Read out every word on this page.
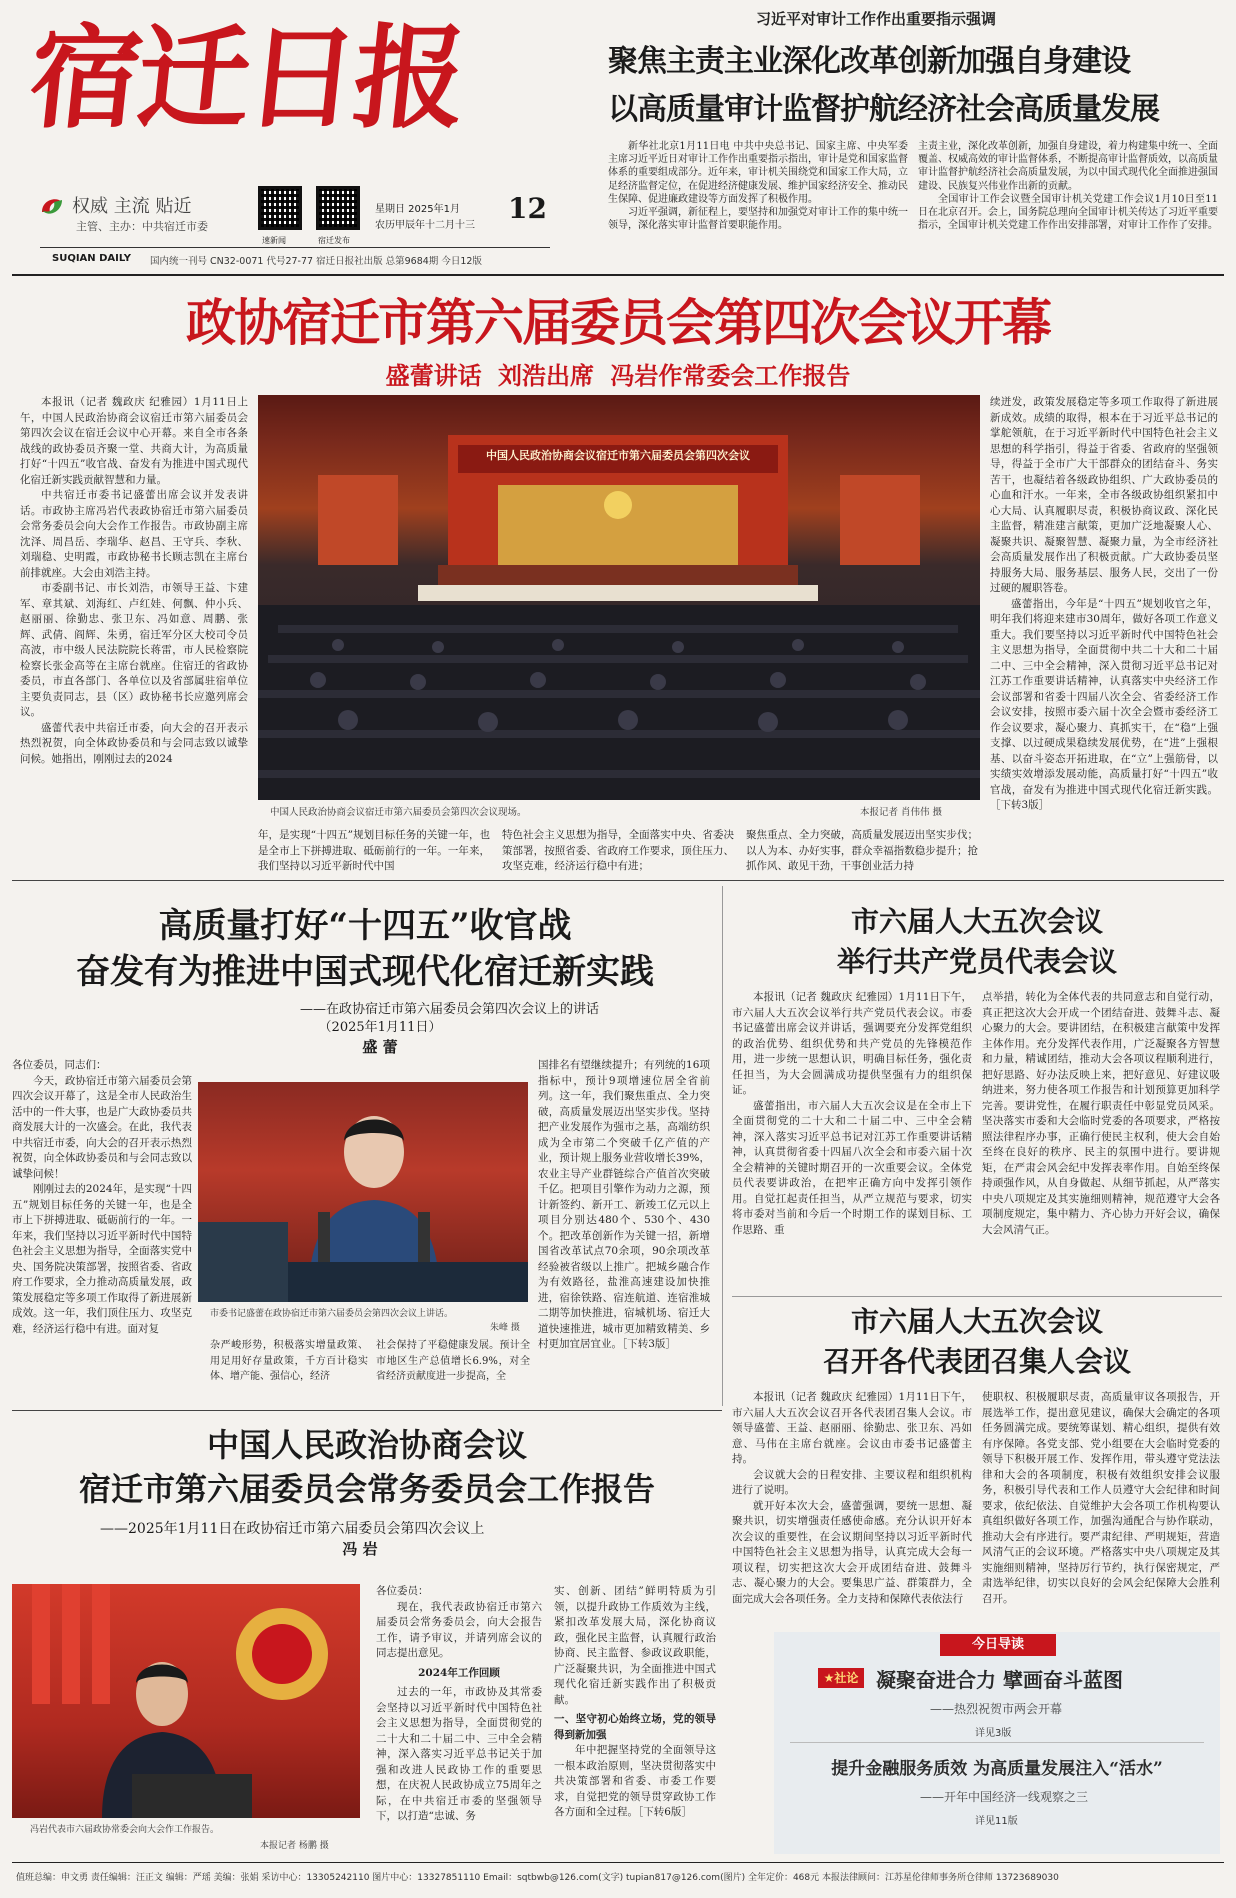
宿迁日报
权威 主流 贴近
主管、主办：中共宿迁市委
速新闻	宿迁发布
星期日 2025年1月
农历甲辰年十二月十三
12
SUQIAN DAILY 国内统一刊号 CN32-0071 代号27-77 宿迁日报社出版 总第9684期 今日12版
习近平对审计工作作出重要指示强调
聚焦主责主业深化改革创新加强自身建设
以高质量审计监督护航经济社会高质量发展

新华社北京1月11日电 中共中央总书记、国家主席、中央军委主席习近平近日对审计工作作出重要指示指出，审计是党和国家监督体系的重要组成部分。近年来，审计机关围绕党和国家工作大局，立足经济监督定位，在促进经济健康发展、维护国家经济安全、推动民生保障、促进廉政建设等方面发挥了积极作用。

习近平强调，新征程上，要坚持和加强党对审计工作的集中统一领导，深化落实审计监督首要职能作用。

主责主业，深化改革创新，加强自身建设，着力构建集中统一、全面覆盖、权威高效的审计监督体系，不断提高审计监督质效，以高质量审计监督护航经济社会高质量发展，为以中国式现代化全面推进强国建设、民族复兴伟业作出新的贡献。

全国审计工作会议暨全国审计机关党建工作会议1月10日至11日在北京召开。会上，国务院总理向全国审计机关传达了习近平重要指示，全国审计机关党建工作作出安排部署，对审计工作作了安排。

政协宿迁市第六届委员会第四次会议开幕
盛蕾讲话 刘浩出席 冯岩作常委会工作报告

本报讯（记者 魏政庆 纪雅园）1月11日上午，中国人民政治协商会议宿迁市第六届委员会第四次会议在宿迁会议中心开幕。来自全市各条战线的政协委员齐聚一堂、共商大计，为高质量打好“十四五”收官战、奋发有为推进中国式现代化宿迁新实践贡献智慧和力量。

中共宿迁市委书记盛蕾出席会议并发表讲话。市政协主席冯岩代表政协宿迁市第六届委员会常务委员会向大会作工作报告。市政协副主席沈泽、周昌岳、李瑞华、赵昌、王守兵、李秋、刘瑞稳、史明霞，市政协秘书长顾志凯在主席台前排就座。大会由刘浩主持。

市委副书记、市长刘浩，市领导王益、卞建军、章其斌、刘海红、卢红娃、何飘、仲小兵、赵丽丽、徐勤忠、张卫东、冯如意、周鹏、张辉、武倩、阎辉、朱勇，宿迁军分区大校司令员高波，市中级人民法院院长蒋雷，市人民检察院检察长张金高等在主席台就座。住宿迁的省政协委员，市直各部门、各单位以及省部属驻宿单位主要负责同志，县（区）政协秘书长应邀列席会议。

盛蕾代表中共宿迁市委，向大会的召开表示热烈祝贺，向全体政协委员和与会同志致以诚挚问候。她指出，刚刚过去的2024

中国人民政治协商会议宿迁市第六届委员会第四次会议
中国人民政治协商会议宿迁市第六届委员会第四次会议现场。	本报记者 肖伟伟 摄
年，是实现“十四五”规划目标任务的关键一年，也是全市上下拼搏进取、砥砺前行的一年。一年来，我们坚持以习近平新时代中国
特色社会主义思想为指导，全面落实中央、省委决策部署，按照省委、省政府工作要求，顶住压力、攻坚克难，经济运行稳中有进；
聚焦重点、全力突破，高质量发展迈出坚实步伐；以人为本、办好实事，群众幸福指数稳步提升；抢抓作风、敢见干劲，干事创业活力持

续迸发，政策发展稳定等多项工作取得了新进展新成效。成绩的取得，根本在于习近平总书记的掌舵领航，在于习近平新时代中国特色社会主义思想的科学指引，得益于省委、省政府的坚强领导，得益于全市广大干部群众的团结奋斗、务实苦干，也凝结着各级政协组织、广大政协委员的心血和汗水。一年来，全市各级政协组织紧扣中心大局、认真履职尽责，积极协商议政、深化民主监督，精准建言献策，更加广泛地凝聚人心、凝聚共识、凝聚智慧、凝聚力量，为全市经济社会高质量发展作出了积极贡献。广大政协委员坚持服务大局、服务基层、服务人民，交出了一份过硬的履职答卷。

盛蕾指出，今年是“十四五”规划收官之年，明年我们将迎来建市30周年，做好各项工作意义重大。我们要坚持以习近平新时代中国特色社会主义思想为指导，全面贯彻中共二十大和二十届二中、三中全会精神，深入贯彻习近平总书记对江苏工作重要讲话精神，认真落实中央经济工作会议部署和省委十四届八次全会、省委经济工作会议安排，按照市委六届十次全会暨市委经济工作会议要求，凝心聚力、真抓实干，在“稳”上强支撑、以过硬成果稳续发展优势，在“进”上强根基、以奋斗姿态开拓进取，在“立”上强筋骨，以实绩实效增添发展动能，高质量打好“十四五”收官战，奋发有为推进中国式现代化宿迁新实践。［下转3版］

高质量打好“十四五”收官战
奋发有为推进中国式现代化宿迁新实践
——在政协宿迁市第六届委员会第四次会议上的讲话
（2025年1月11日）
盛 蕾

各位委员，同志们：

今天，政协宿迁市第六届委员会第四次会议开幕了，这是全市人民政治生活中的一件大事，也是广大政协委员共商发展大计的一次盛会。在此，我代表中共宿迁市委，向大会的召开表示热烈祝贺，向全体政协委员和与会同志致以诚挚问候！

刚刚过去的2024年，是实现“十四五”规划目标任务的关键一年，也是全市上下拼搏进取、砥砺前行的一年。一年来，我们坚持以习近平新时代中国特色社会主义思想为指导，全面落实党中央、国务院决策部署，按照省委、省政府工作要求，全力推动高质量发展，政策发展稳定等多项工作取得了新进展新成效。这一年，我们顶住压力、攻坚克难，经济运行稳中有进。面对复

市委书记盛蕾在政协宿迁市第六届委员会第四次会议上讲话。
朱峰 摄
杂严峻形势，积极落实增量政策、用足用好存量政策，千方百计稳实体、增产能、强信心，经济
社会保持了平稳健康发展。预计全市地区生产总值增长6.9%，对全省经济贡献度进一步提高，全
国排名有望继续提升；有列统的16项指标中，预计9项增速位居全省前列。这一年，我们聚焦重点、全力突破，高质量发展迈出坚实步伐。坚持把产业发展作为强市之基，高端纺织成为全市第二个突破千亿产值的产业，预计规上服务业营收增长39%，农业主导产业群链综合产值首次突破千亿。把项目引擎作为动力之源，预计新签约、新开工、新竣工亿元以上项目分别达480个、530个、430个。把改革创新作为关键一招，新增国省改革试点70余项，90余项改革经验被省级以上推广。把城乡融合作为有效路径，盐淮高速建设加快推进，宿徐铁路、宿连航道、连宿淮城二期等加快推进，宿城机场、宿迁大道快速推进，城市更加精致精美、乡村更加宜居宜业。［下转3版］
市六届人大五次会议
举行共产党员代表会议

本报讯（记者 魏政庆 纪雅园）1月11日下午，市六届人大五次会议举行共产党员代表会议。市委书记盛蕾出席会议并讲话，强调要充分发挥党组织的政治优势、组织优势和共产党员的先锋模范作用，进一步统一思想认识，明确目标任务，强化责任担当，为大会圆满成功提供坚强有力的组织保证。

盛蕾指出，市六届人大五次会议是在全市上下全面贯彻党的二十大和二十届二中、三中全会精神，深入落实习近平总书记对江苏工作重要讲话精神，认真贯彻省委十四届八次全会和市委六届十次全会精神的关键时期召开的一次重要会议。全体党员代表要讲政治，在把牢正确方向中发挥引领作用。自觉扛起责任担当，从严立规范与要求，切实将市委对当前和今后一个时期工作的谋划目标、工作思路、重

点举措，转化为全体代表的共同意志和自觉行动，真正把这次大会开成一个团结奋进、鼓舞斗志、凝心聚力的大会。要讲团结，在积极建言献策中发挥主体作用。充分发挥代表作用，广泛凝聚各方智慧和力量，精诚团结，推动大会各项议程顺利进行，把好思路、好办法反映上来，把好意见、好建议吸纳进来，努力使各项工作报告和计划预算更加科学完善。要讲党性，在履行职责任中彰显党员风采。坚决落实市委和大会临时党委的各项要求，严格按照法律程序办事，正确行使民主权利，使大会自始至终在良好的秩序、民主的氛围中进行。要讲规矩，在严肃会风会纪中发挥表率作用。自始至终保持顽强作风，从自身做起、从细节抓起，从严落实中央八项规定及其实施细则精神，规范遵守大会各项制度规定，集中精力、齐心协力开好会议，确保大会风清气正。
市六届人大五次会议
召开各代表团召集人会议

本报讯（记者 魏政庆 纪雅园）1月11日下午，市六届人大五次会议召开各代表团召集人会议。市领导盛蕾、王益、赵丽丽、徐勤忠、张卫东、冯如意、马伟在主席台就座。会议由市委书记盛蕾主持。

会议就大会的日程安排、主要议程和组织机构进行了说明。

就开好本次大会，盛蕾强调，要统一思想、凝聚共识，切实增强责任感使命感。充分认识开好本次会议的重要性，在会议期间坚持以习近平新时代中国特色社会主义思想为指导，认真完成大会每一项议程，切实把这次大会开成团结奋进、鼓舞斗志、凝心聚力的大会。要集思广益、群策群力，全面完成大会各项任务。全力支持和保障代表依法行

使职权、积极履职尽责，高质量审议各项报告，开展选举工作，提出意见建议，确保大会确定的各项任务圆满完成。要统筹谋划、精心组织，提供有效有序保障。各党支部、党小组要在大会临时党委的领导下积极开展工作、发挥作用，带头遵守党法法律和大会的各项制度，积极有效组织安排会议服务，积极引导代表和工作人员遵守大会纪律和时间要求，依纪依法、自觉维护大会各项工作机构要认真组织做好各项工作，加强沟通配合与协作联动，推动大会有序进行。要严肃纪律、严明规矩，营造风清气正的会议环境。严格落实中央八项规定及其实施细则精神，坚持厉行节约，执行保密规定，严肃选举纪律，切实以良好的会风会纪保障大会胜利召开。
中国人民政治协商会议
宿迁市第六届委员会常务委员会工作报告
——2025年1月11日在政协宿迁市第六届委员会第四次会议上
冯 岩
冯岩代表市六届政协常委会向大会作工作报告。
本报记者 杨鹏 摄

各位委员：

现在，我代表政协宿迁市第六届委员会常务委员会，向大会报告工作，请予审议，并请列席会议的同志提出意见。

2024年工作回顾

过去的一年，市政协及其常委会坚持以习近平新时代中国特色社会主义思想为指导，全面贯彻党的二十大和二十届二中、三中全会精神，深入落实习近平总书记关于加强和改进人民政协工作的重要思想，在庆祝人民政协成立75周年之际，在中共宿迁市委的坚强领导下，以打造“忠诚、务

实、创新、团结”鲜明特质为引领，以提升政协工作质效为主线，紧扣改革发展大局，深化协商议政，强化民主监督，认真履行政治协商、民主监督、参政议政职能，广泛凝聚共识，为全面推进中国式现代化宿迁新实践作出了积极贡献。

一、坚守初心始终立场，党的领导得到新加强

年中把握坚持党的全面领导这一根本政治原则，坚决贯彻落实中共决策部署和省委、市委工作要求，自觉把党的领导贯穿政协工作各方面和全过程。［下转6版］

今日导读
★社论 凝聚奋进合力 擘画奋斗蓝图
——热烈祝贺市两会开幕
详见3版
提升金融服务质效 为高质量发展注入“活水”
——开年中国经济一线观察之三
详见11版
值班总编：申文勇 责任编辑：汪正文 编辑：严瑶 美编：张娟 采访中心：13305242110 图片中心：13327851110 Email：sqtbwb@126.com(文字) tupian817@126.com(图片) 全年定价：468元 本报法律顾问：江苏星伦律师事务所仓律师 13723689030
